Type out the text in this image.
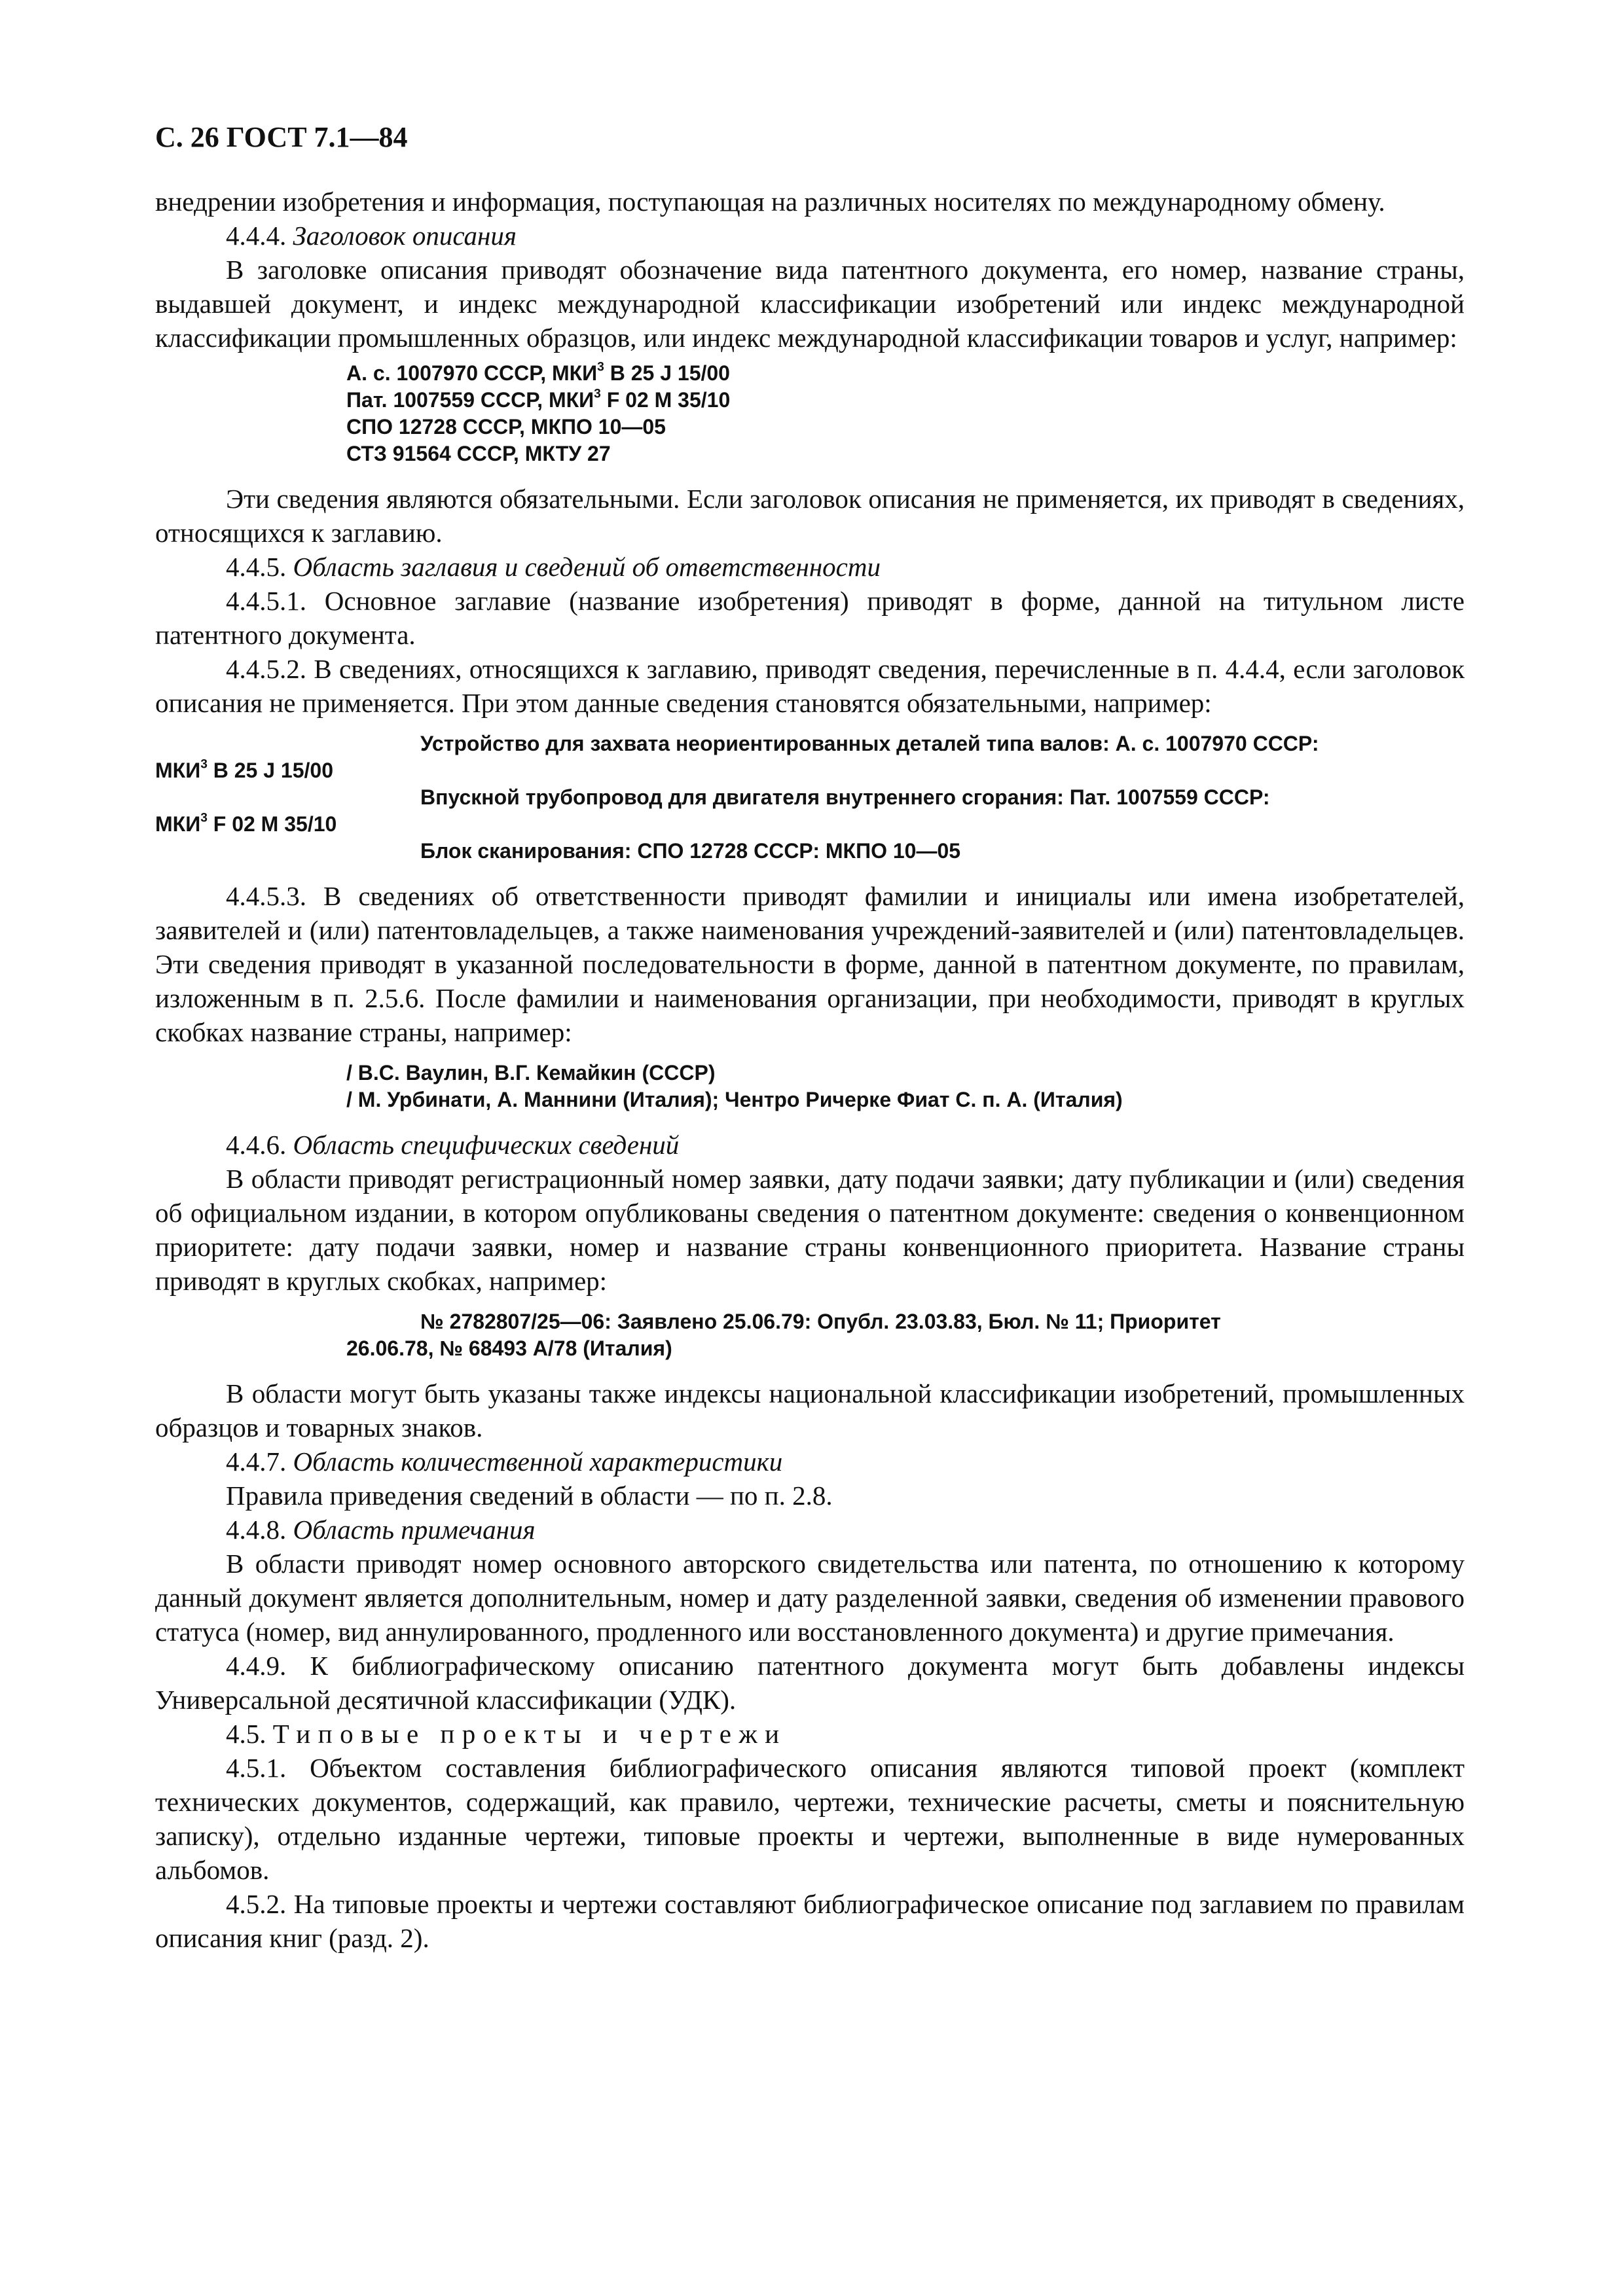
С. 26 ГОСТ 7.1—84

внедрении изобретения и информация, поступающая на различных носителях по международному обмену.

4.4.4. Заголовок описания

В заголовке описания приводят обозначение вида патентного документа, его номер, название страны, выдавшей документ, и индекс международной классификации изобретений или индекс международной классификации промышленных образцов, или индекс международной классификации товаров и услуг, например:

А. с. 1007970 СССР, МКИ$^3$ В 25 J 15/00
Пат. 1007559 СССР, МКИ$^3$ F 02 М 35/10
СПО 12728 СССР, МКПО 10—05
СТЗ 91564 СССР, МКТУ 27

Эти сведения являются обязательными. Если заголовок описания не применяется, их приводят в сведениях, относящихся к заглавию.

4.4.5. Область заглавия и сведений об ответственности

4.4.5.1. Основное заглавие (название изобретения) приводят в форме, данной на титульном листе патентного документа.

4.4.5.2. В сведениях, относящихся к заглавию, приводят сведения, перечисленные в п. 4.4.4, если заголовок описания не применяется. При этом данные сведения становятся обязательными, например:

Устройство для захвата неориентированных деталей типа валов: А. с. 1007970 СССР:
МКИ$^3$ В 25 J 15/00
Впускной трубопровод для двигателя внутреннего сгорания: Пат. 1007559 СССР:
МКИ$^3$ F 02 М 35/10
Блок сканирования: СПО 12728 СССР: МКПО 10—05

4.4.5.3. В сведениях об ответственности приводят фамилии и инициалы или имена изобретателей, заявителей и (или) патентовладельцев, а также наименования учреждений-заявителей и (или) патентовладельцев. Эти сведения приводят в указанной последовательности в форме, данной в патентном документе, по правилам, изложенным в п. 2.5.6. После фамилии и наименования организации, при необходимости, приводят в круглых скобках название страны, например:

/ В.С. Ваулин, В.Г. Кемайкин (СССР)
/ М. Урбинати, А. Маннини (Италия); Чентро Ричерке Фиат С. п. А. (Италия)

4.4.6. Область специфических сведений

В области приводят регистрационный номер заявки, дату подачи заявки; дату публикации и (или) сведения об официальном издании, в котором опубликованы сведения о патентном документе: сведения о конвенционном приоритете: дату подачи заявки, номер и название страны конвенционного приоритета. Название страны приводят в круглых скобках, например:

№ 2782807/25—06: Заявлено 25.06.79: Опубл. 23.03.83, Бюл. № 11; Приоритет
26.06.78, № 68493 А/78 (Италия)

В области могут быть указаны также индексы национальной классификации изобретений, промышленных образцов и товарных знаков.

4.4.7. Область количественной характеристики

Правила приведения сведений в области — по п. 2.8.

4.4.8. Область примечания

В области приводят номер основного авторского свидетельства или патента, по отношению к которому данный документ является дополнительным, номер и дату разделенной заявки, сведения об изменении правового статуса (номер, вид аннулированного, продленного или восстановленного документа) и другие примечания.

4.4.9. К библиографическому описанию патентного документа могут быть добавлены индексы Универсальной десятичной классификации (УДК).

4.5. Типовые проекты и чертежи

4.5.1. Объектом составления библиографического описания являются типовой проект (комплект технических документов, содержащий, как правило, чертежи, технические расчеты, сметы и пояснительную записку), отдельно изданные чертежи, типовые проекты и чертежи, выполненные в виде нумерованных альбомов.

4.5.2. На типовые проекты и чертежи составляют библиографическое описание под заглавием по правилам описания книг (разд. 2).
